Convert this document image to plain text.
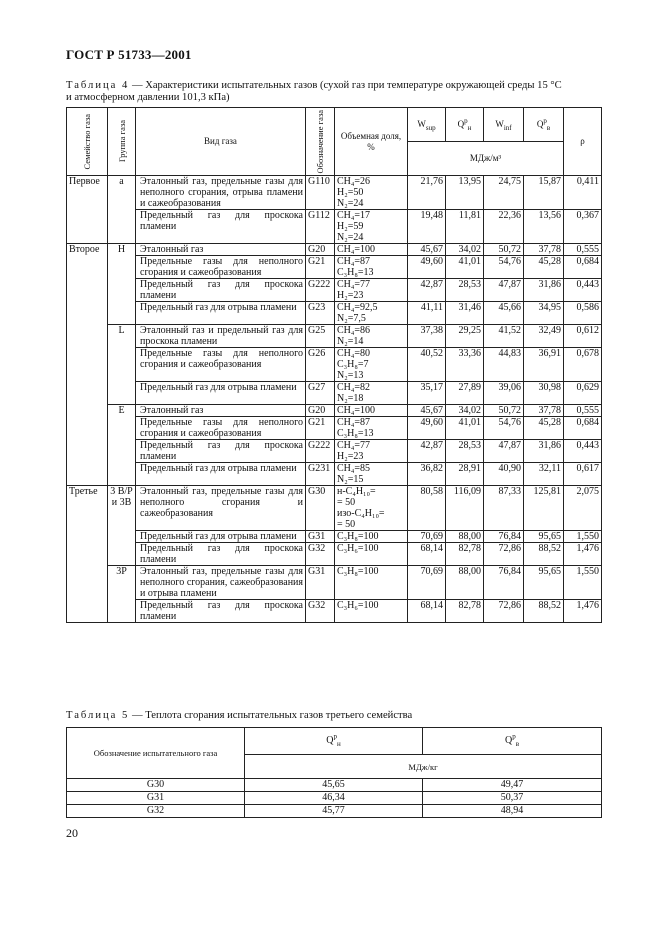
ГОСТ Р 51733—2001
Таблица 4 — Характеристики испытательных газов (сухой газ при температуре окружающей среды 15 °С
и атмосферном давлении 101,3 кПа)
Семейство газа	Группа газа	Вид газа	Обозначение газа	Объемная доля, %	$W_{sup}$	$Q^р_н$	$W_{inf}$	$Q^р_в$	ρ
					МДж/м³				
Первое	а	Эталонный газ, предельные газы для неполного сгорания, отрыва пламени и сажеобразования	G110	CH₄=26
H₂=50
N₂=24	21,76	13,95	24,75	15,87	0,411
		Предельный газ для проскока пламени	G112	CH₄=17
H₂=59
N₂=24	19,48	11,81	22,36	13,56	0,367
Второе	Н	Эталонный газ	G20	CH₄=100	45,67	34,02	50,72	37,78	0,555
		Предельные газы для неполного сгорания и сажеобразования	G21	CH₄=87
C₃H₈=13	49,60	41,01	54,76	45,28	0,684
		Предельный газ для проскока пламени	G222	CH₄=77
H₂=23	42,87	28,53	47,87	31,86	0,443
		Предельный газ для отрыва пламени	G23	CH₄=92,5
N₂=7,5	41,11	31,46	45,66	34,95	0,586
	L	Эталонный газ и предельный газ для проскока пламени	G25	CH₄=86
N₂=14	37,38	29,25	41,52	32,49	0,612
		Предельные газы для неполного сгорания и сажеобразования	G26	CH₄=80
C₃H₈=7
N₂=13	40,52	33,36	44,83	36,91	0,678
		Предельный газ для отрыва пламени	G27	CH₄=82
N₂=18	35,17	27,89	39,06	30,98	0,629
	Е	Эталонный газ	G20	CH₄=100	45,67	34,02	50,72	37,78	0,555
		Предельные газы для неполного сгорания и сажеобразования	G21	CH₄=87
C₃H₈=13	49,60	41,01	54,76	45,28	0,684
		Предельный газ для проскока пламени	G222	CH₄=77
H₂=23	42,87	28,53	47,87	31,86	0,443
		Предельный газ для отрыва пламени	G231	CH₄=85
N₂=15	36,82	28,91	40,90	32,11	0,617
Третье	3 В/Р и 3В	Эталонный газ, предельные газы для неполного сгорания и сажеобразования	G30	н-C₄H₁₀=
= 50
изо-C₄H₁₀=
= 50	80,58	116,09	87,33	125,81	2,075
		Предельный газ для отрыва пламени	G31	C₃H₈=100	70,69	88,00	76,84	95,65	1,550
		Предельный газ для проскока пламени	G32	C₃H₆=100	68,14	82,78	72,86	88,52	1,476
	3Р	Эталонный газ, предельные газы для неполного сгорания, сажеобразования и отрыва пламени	G31	C₃H₈=100	70,69	88,00	76,84	95,65	1,550
		Предельный газ для проскока пламени	G32	C₃H₆=100	68,14	82,78	72,86	88,52	1,476
Таблица 5 — Теплота сгорания испытательных газов третьего семейства
Обозначение испытательного газа	$Q^р_н$	$Q^р_в$
	МДж/кг	
G30	45,65	49,47
G31	46,34	50,37
G32	45,77	48,94
20
